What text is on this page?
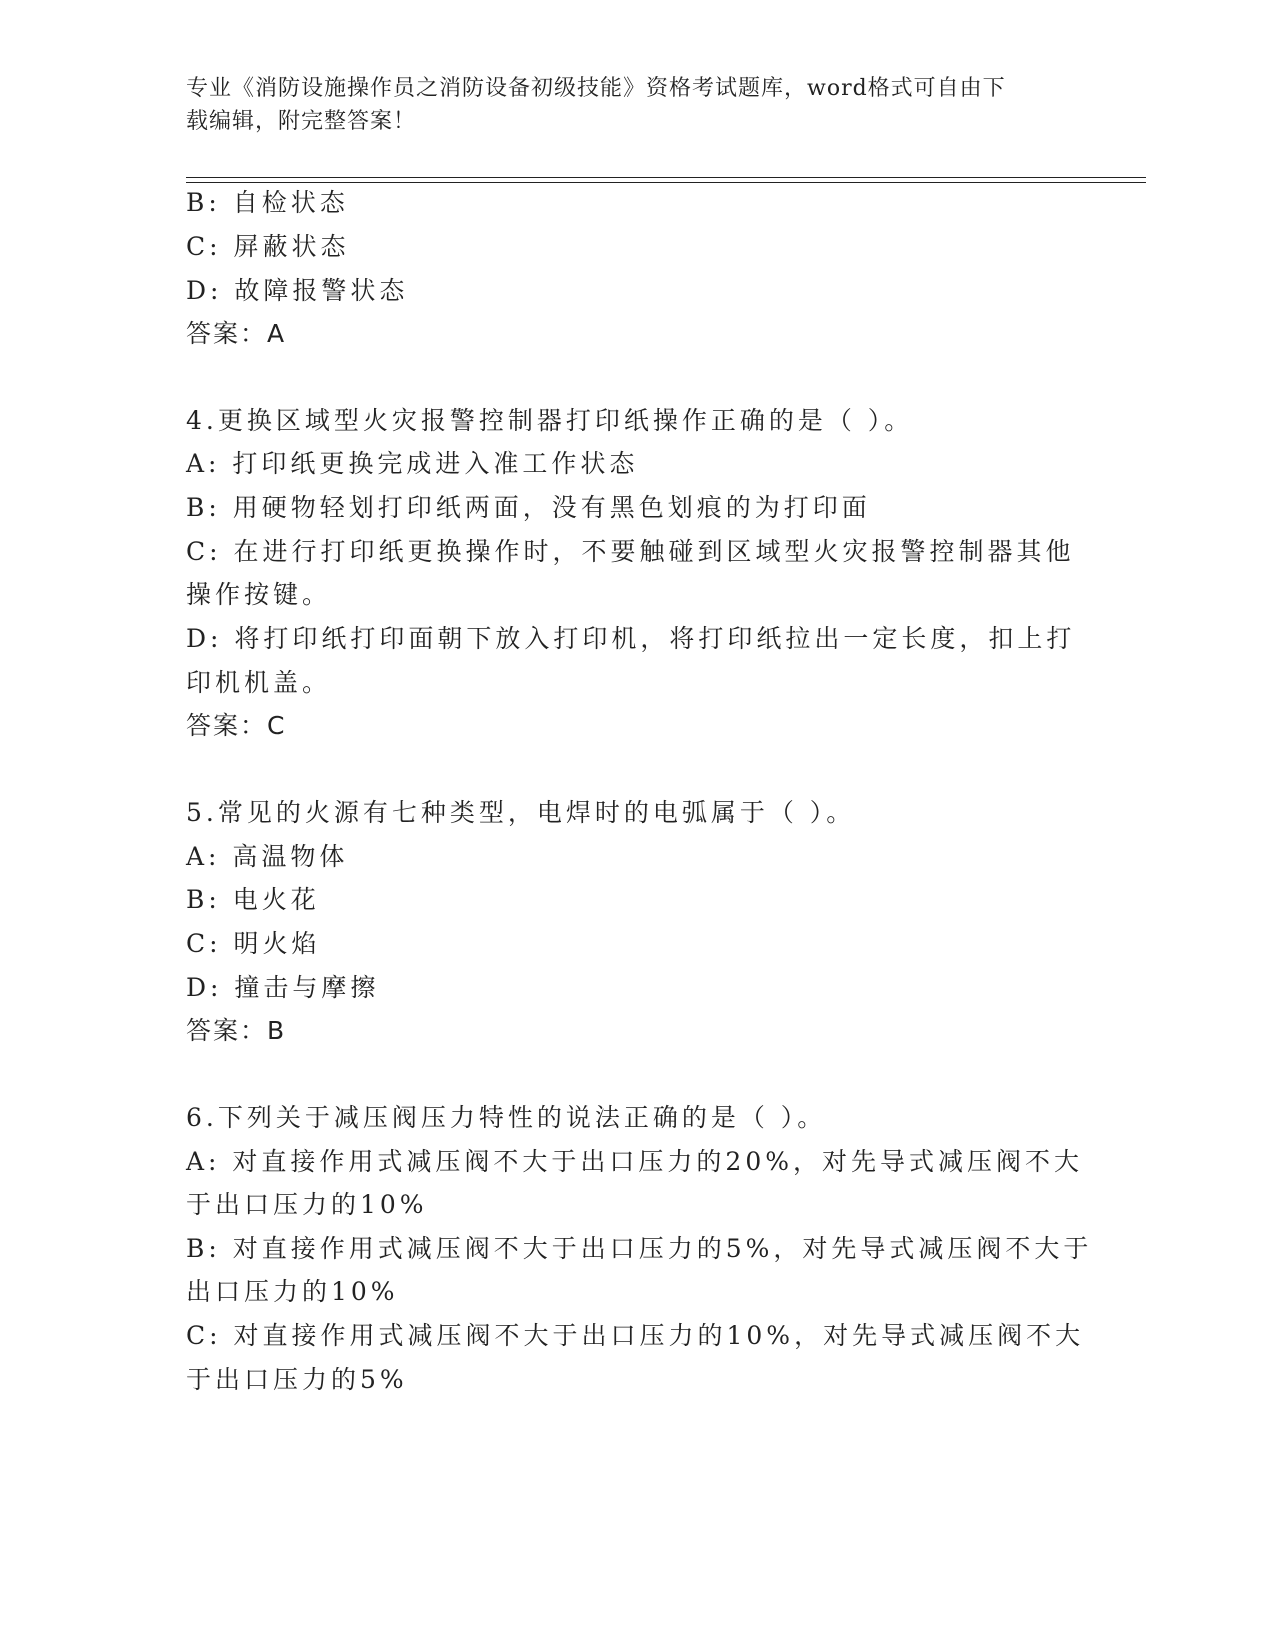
专业《消防设施操作员之消防设备初级技能》资格考试题库，word格式可自由下
载编辑，附完整答案！
B: 自检状态
C: 屏蔽状态
D: 故障报警状态
答案：A
4.更换区域型火灾报警控制器打印纸操作正确的是（ ）。
A: 打印纸更换完成进入准工作状态
B: 用硬物轻划打印纸两面，没有黑色划痕的为打印面
C: 在进行打印纸更换操作时，不要触碰到区域型火灾报警控制器其他
操作按键。
D: 将打印纸打印面朝下放入打印机，将打印纸拉出一定长度，扣上打
印机机盖。
答案：C
5.常见的火源有七种类型，电焊时的电弧属于（ ）。
A: 高温物体
B: 电火花
C: 明火焰
D: 撞击与摩擦
答案：B
6.下列关于减压阀压力特性的说法正确的是（ ）。
A: 对直接作用式减压阀不大于出口压力的20%，对先导式减压阀不大
于出口压力的10%
B: 对直接作用式减压阀不大于出口压力的5%，对先导式减压阀不大于
出口压力的10%
C: 对直接作用式减压阀不大于出口压力的10%，对先导式减压阀不大
于出口压力的5%
